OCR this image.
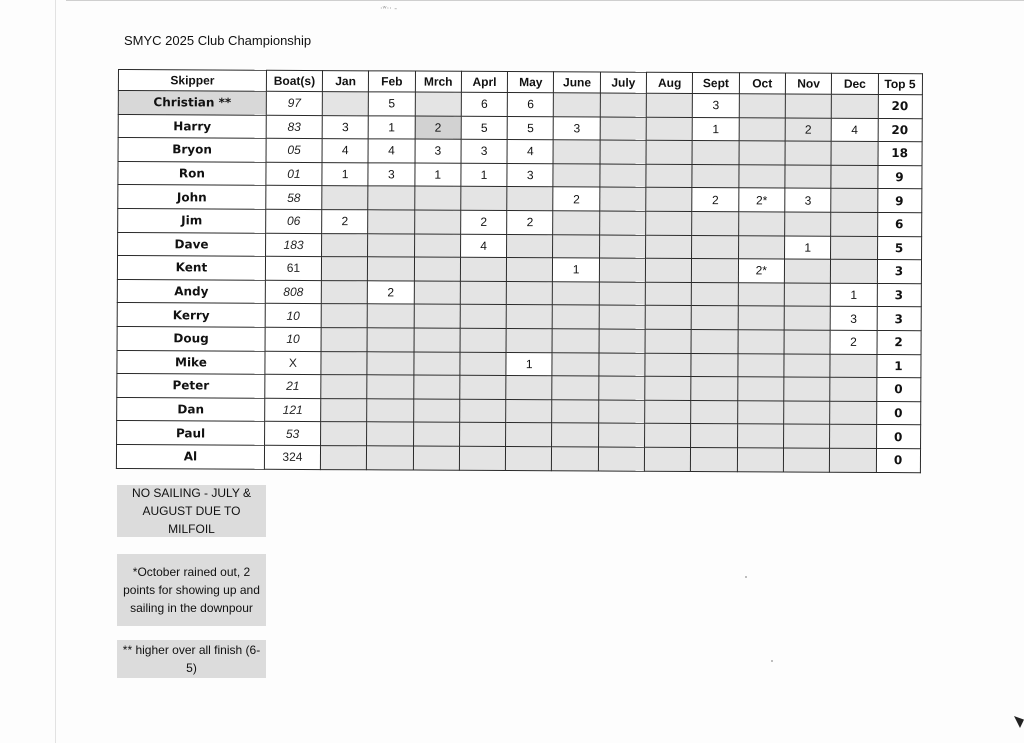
·ʷ·· -
SMYC 2025 Club Championship
Skipper	Boat(s)	Jan	Feb	Mrch	Aprl	May	June	July	Aug	Sept	Oct	Nov	Dec	Top 5
Christian **	97		5		6	6				3				20
Harry	83	3	1	2	5	5	3			1		2	4	20
Bryon	05	4	4	3	3	4								18
Ron	01	1	3	1	1	3								9
John	58						2			2	2*	3		9
Jim	06	2			2	2								6
Dave	183				4							1		5
Kent	61						1				2*			3
Andy	808		2										1	3
Kerry	10												3	3
Doug	10												2	2
Mike	X					1								1
Peter	21													0
Dan	121													0
Paul	53													0
Al	324													0
NO SAILING - JULY & AUGUST DUE TO MILFOIL
*October rained out, 2 points for showing up and sailing in the downpour
** higher over all finish (6-5)
